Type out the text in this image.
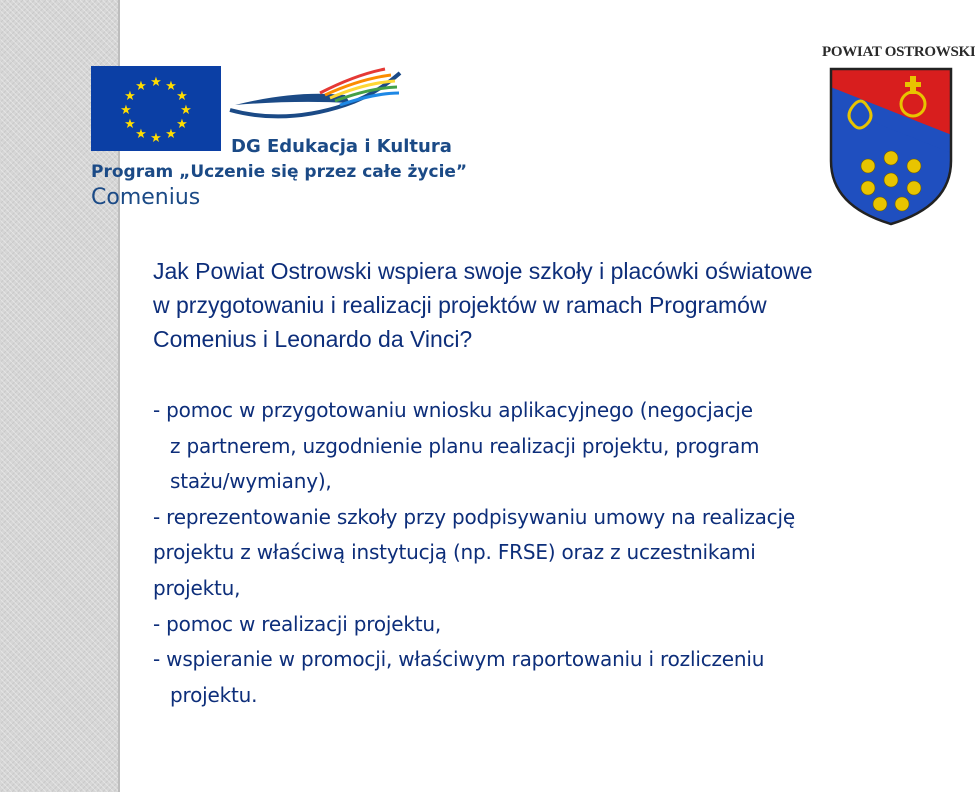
★ ★
★
★
★
★
★
★
★
★
★
★
DG Edukacja i Kultura
Program „Uczenie się przez całe życie”
Comenius
POWIAT OSTROWSKI
Jak Powiat Ostrowski wspiera swoje szkoły i placówki oświatowe
w przygotowaniu i realizacji projektów w ramach Programów
Comenius i Leonardo da Vinci?
- pomoc w przygotowaniu wniosku aplikacyjnego (negocjacje
z partnerem, uzgodnienie planu realizacji projektu, program
stażu/wymiany),
- reprezentowanie szkoły przy podpisywaniu umowy na realizację
projektu z właściwą instytucją (np. FRSE) oraz z uczestnikami
projektu,
- pomoc w realizacji projektu,
- wspieranie w promocji, właściwym raportowaniu i rozliczeniu
projektu.
